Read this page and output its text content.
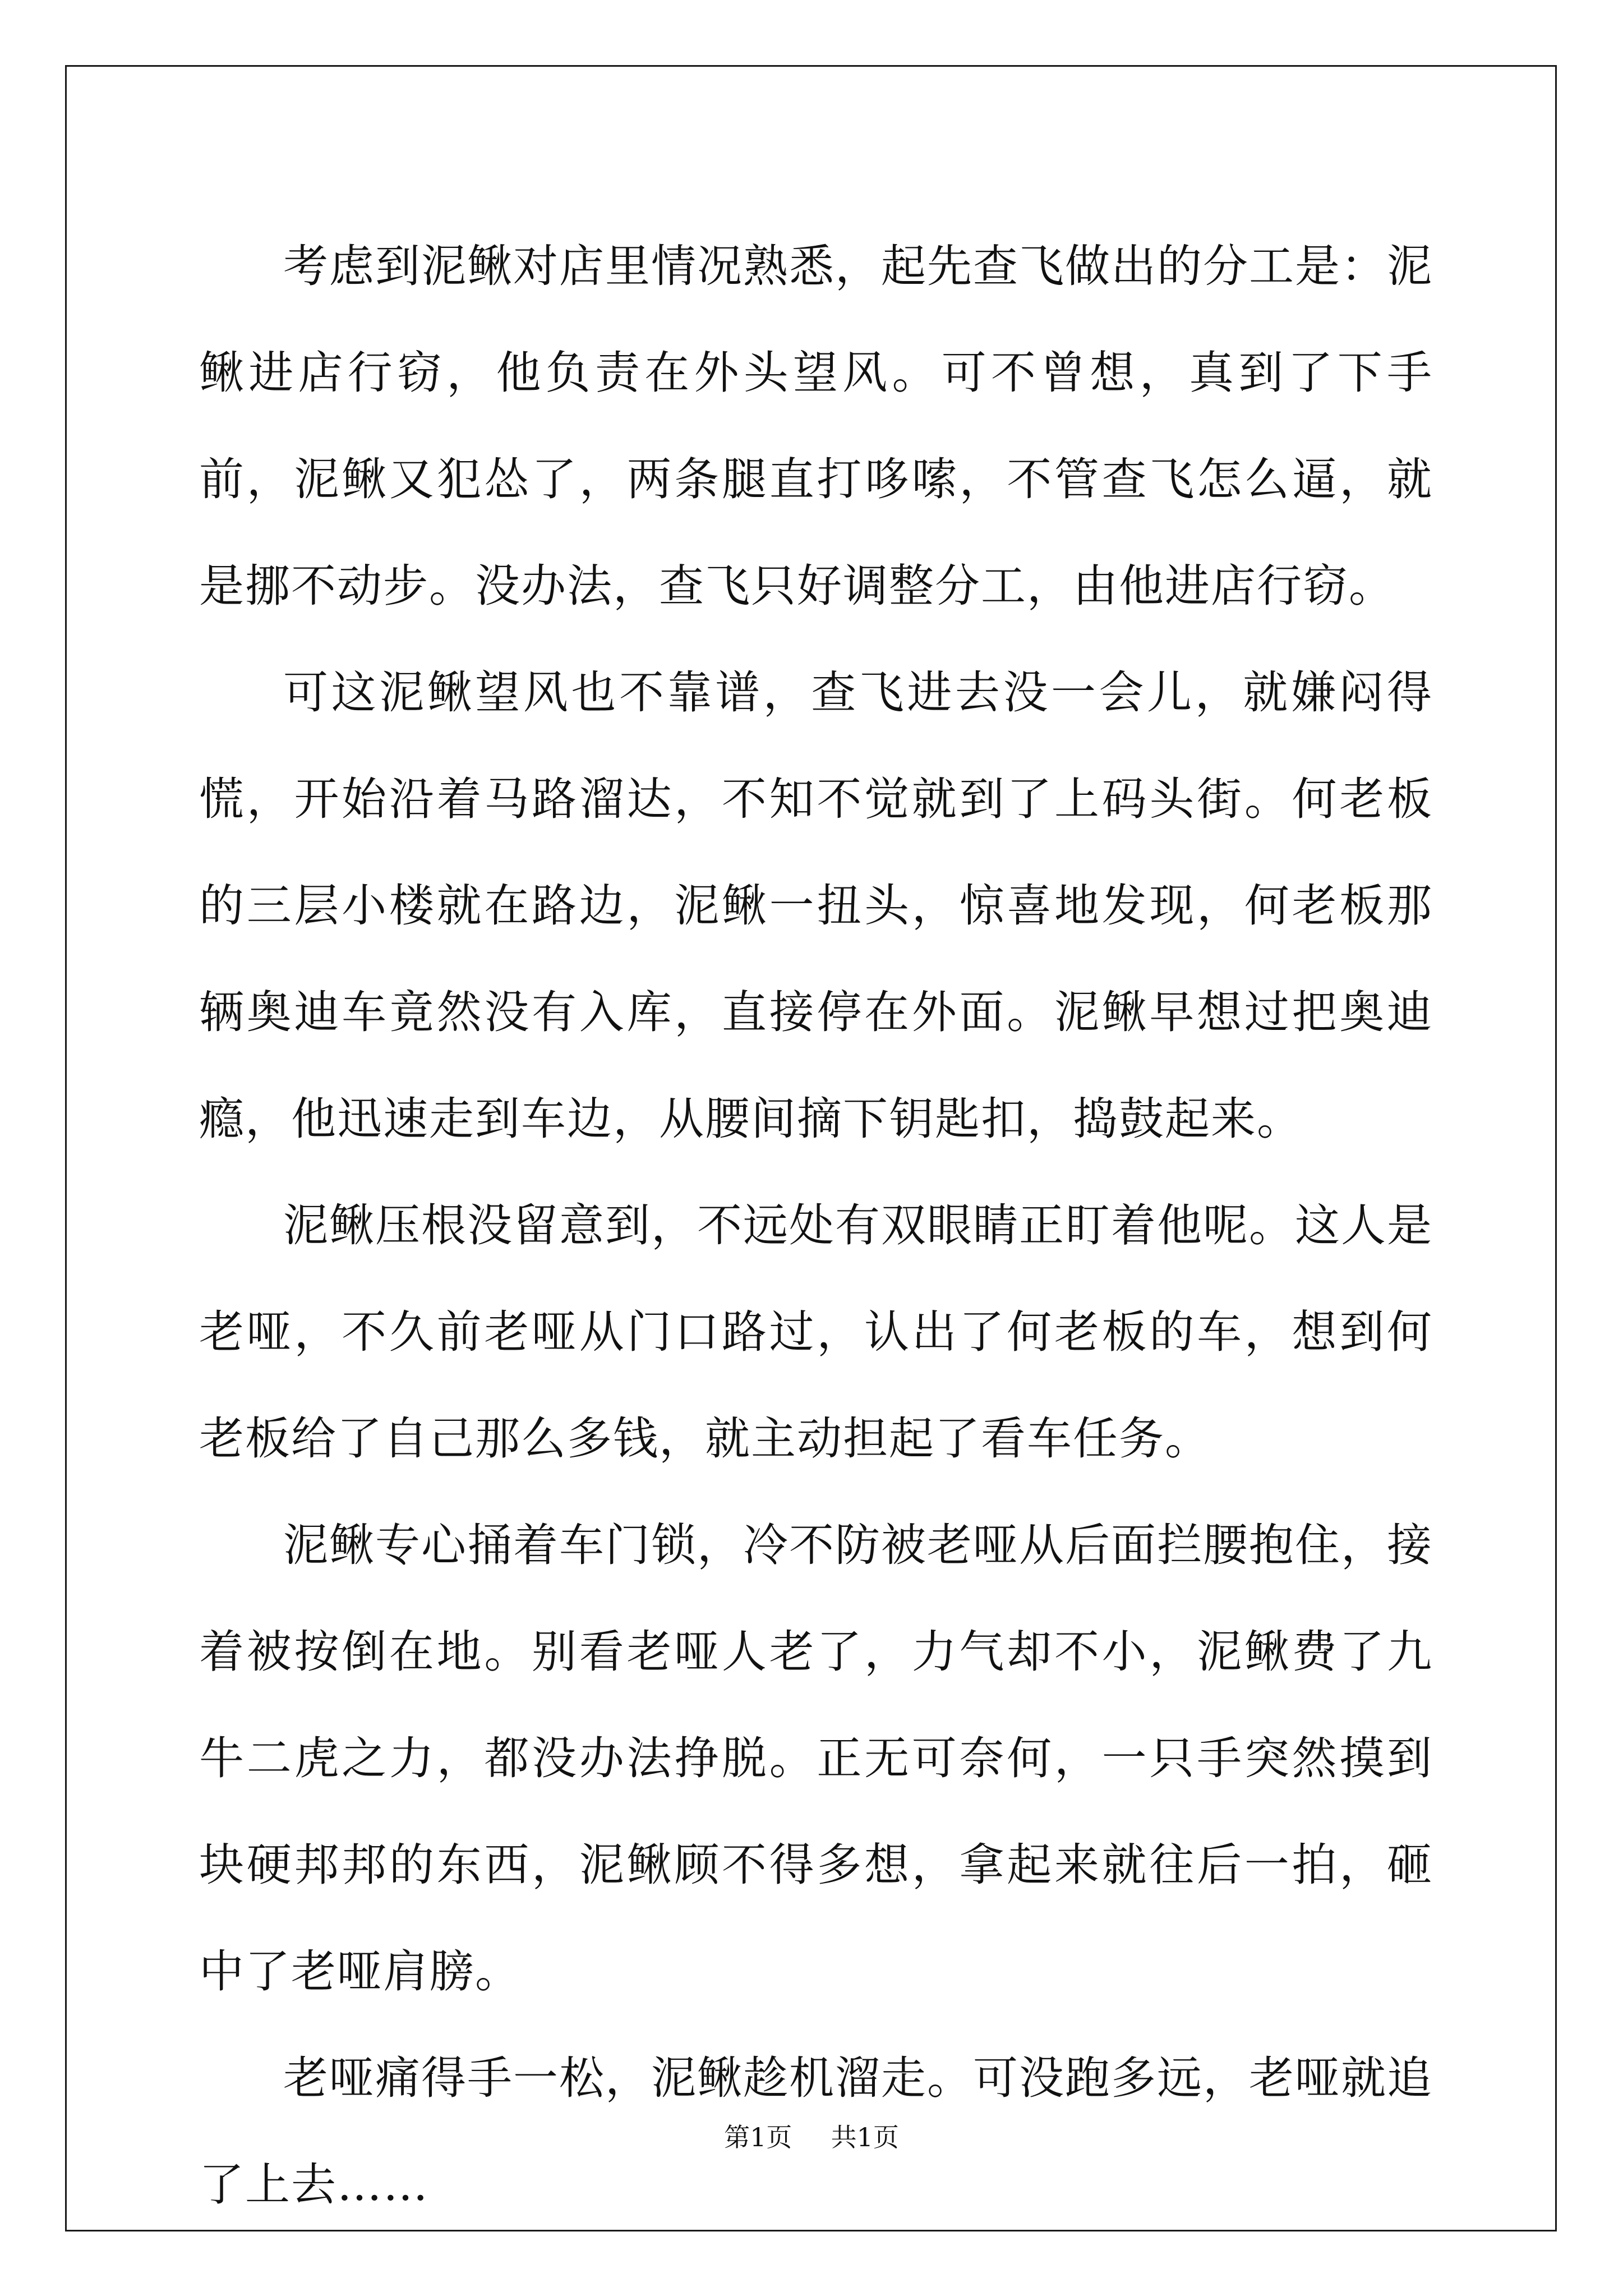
考虑到泥鳅对店里情况熟悉，起先查飞做出的分工是：泥鳅进店行窃，他负责在外头望风。可不曾想，真到了下手前，泥鳅又犯怂了，两条腿直打哆嗦，不管查飞怎么逼，就是挪不动步。没办法，查飞只好调整分工，由他进店行窃。

可这泥鳅望风也不靠谱，查飞进去没一会儿，就嫌闷得慌，开始沿着马路溜达，不知不觉就到了上码头街。何老板的三层小楼就在路边，泥鳅一扭头，惊喜地发现，何老板那辆奥迪车竟然没有入库，直接停在外面。泥鳅早想过把奥迪瘾，他迅速走到车边，从腰间摘下钥匙扣，捣鼓起来。

泥鳅压根没留意到，不远处有双眼睛正盯着他呢。这人是老哑，不久前老哑从门口路过，认出了何老板的车，想到何老板给了自己那么多钱，就主动担起了看车任务。

泥鳅专心捅着车门锁，冷不防被老哑从后面拦腰抱住，接着被按倒在地。别看老哑人老了，力气却不小，泥鳅费了九牛二虎之力，都没办法挣脱。正无可奈何，一只手突然摸到块硬邦邦的东西，泥鳅顾不得多想，拿起来就往后一拍，砸中了老哑肩膀。

老哑痛得手一松，泥鳅趁机溜走。可没跑多远，老哑就追了上去……

第1页 共1页
